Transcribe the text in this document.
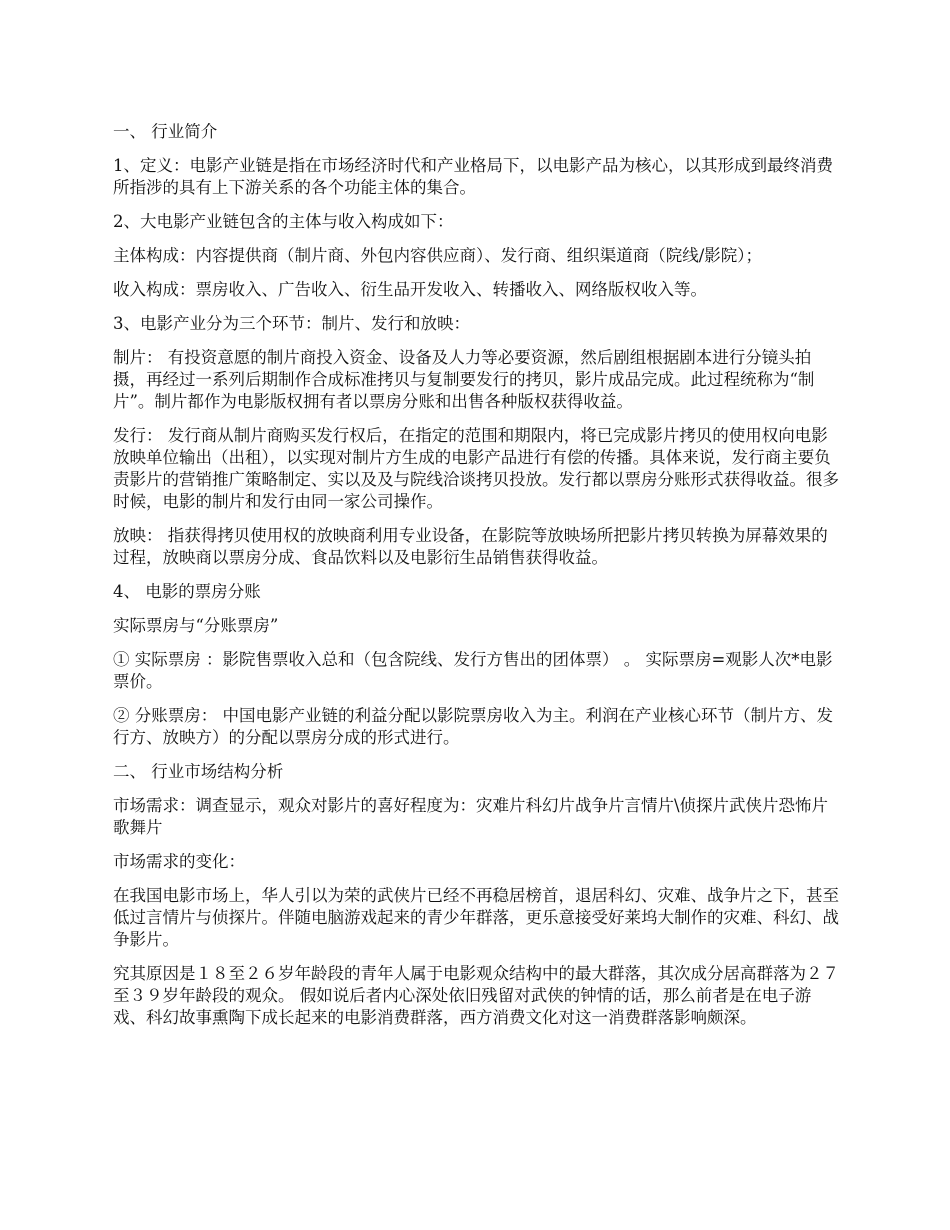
一、 行业简介

1、定义：电影产业链是指在市场经济时代和产业格局下，以电影产品为核心，以其形成到最终消费所指涉的具有上下游关系的各个功能主体的集合。

2、大电影产业链包含的主体与收入构成如下：

主体构成：内容提供商（制片商、外包内容供应商）、发行商、组织渠道商（院线/影院）；

收入构成：票房收入、广告收入、衍生品开发收入、转播收入、网络版权收入等。

3、电影产业分为三个环节：制片、发行和放映：

制片： 有投资意愿的制片商投入资金、设备及人力等必要资源，然后剧组根据剧本进行分镜头拍摄，再经过一系列后期制作合成标准拷贝与复制要发行的拷贝，影片成品完成。此过程统称为“制片”。制片都作为电影版权拥有者以票房分账和出售各种版权获得收益。

发行： 发行商从制片商购买发行权后，在指定的范围和期限内，将已完成影片拷贝的使用权向电影放映单位输出（出租），以实现对制片方生成的电影产品进行有偿的传播。具体来说，发行商主要负责影片的营销推广策略制定、实以及及与院线洽谈拷贝投放。发行都以票房分账形式获得收益。很多时候，电影的制片和发行由同一家公司操作。

放映： 指获得拷贝使用权的放映商利用专业设备，在影院等放映场所把影片拷贝转换为屏幕效果的过程，放映商以票房分成、食品饮料以及电影衍生品销售获得收益。

4、 电影的票房分账

实际票房与“分账票房”

① 实际票房 ：影院售票收入总和（包含院线、发行方售出的团体票） 。 实际票房=观影人次*电影票价。

② 分账票房： 中国电影产业链的利益分配以影院票房收入为主。利润在产业核心环节（制片方、发行方、放映方）的分配以票房分成的形式进行。

二、 行业市场结构分析

市场需求：调查显示，观众对影片的喜好程度为：灾难片科幻片战争片言情片\侦探片武侠片恐怖片歌舞片

市场需求的变化：

在我国电影市场上，华人引以为荣的武侠片已经不再稳居榜首，退居科幻、灾难、战争片之下，甚至低过言情片与侦探片。伴随电脑游戏起来的青少年群落，更乐意接受好莱坞大制作的灾难、科幻、战争影片。

究其原因是１８至２６岁年龄段的青年人属于电影观众结构中的最大群落，其次成分居高群落为２７至３９岁年龄段的观众。 假如说后者内心深处依旧残留对武侠的钟情的话，那么前者是在电子游戏、科幻故事熏陶下成长起来的电影消费群落，西方消费文化对这一消费群落影响颇深。
